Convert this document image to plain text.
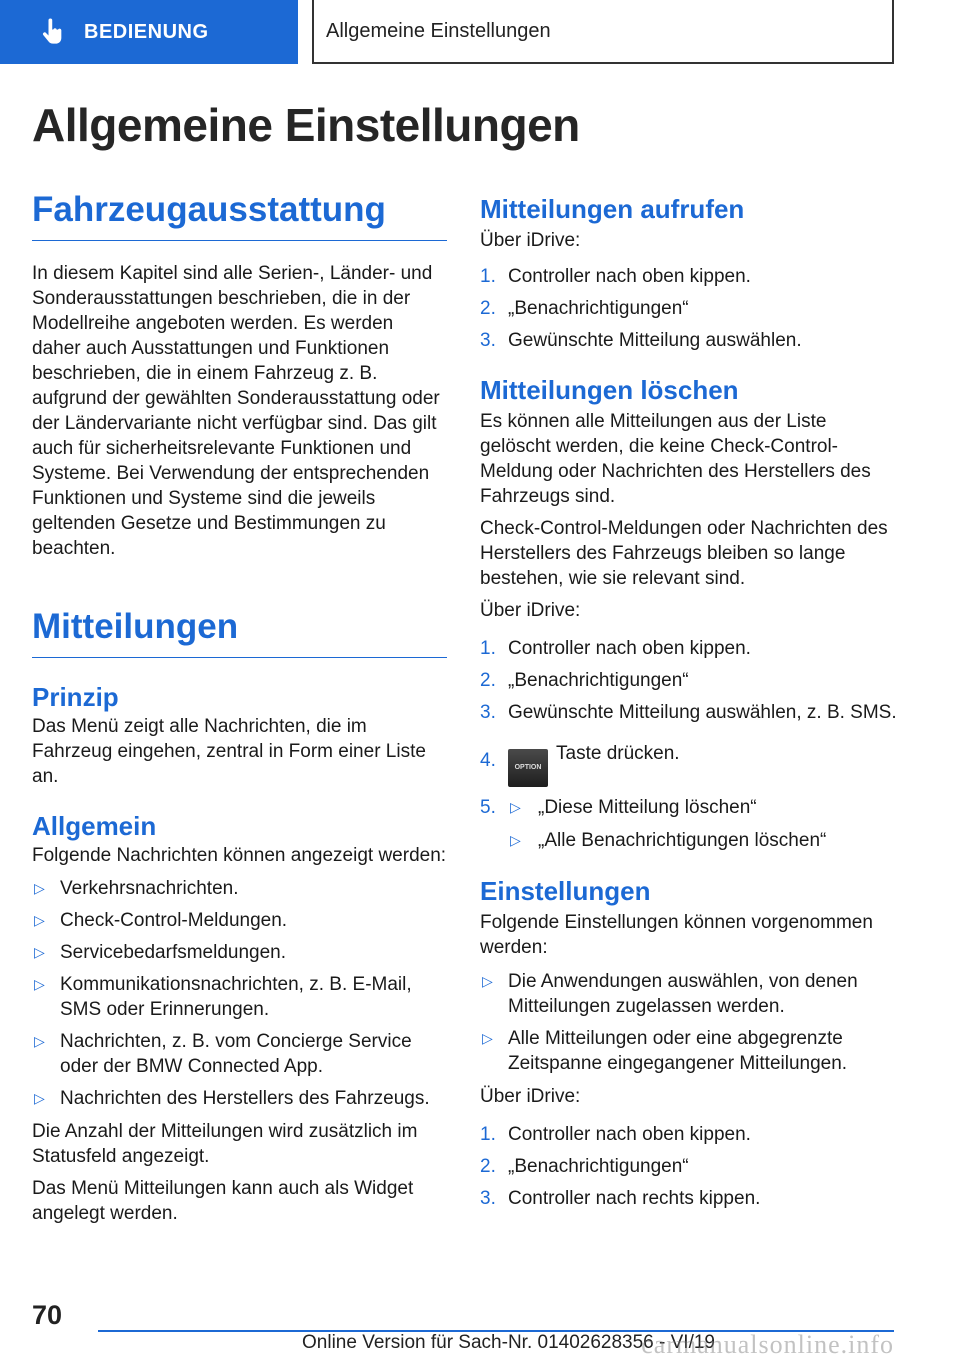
BEDIENUNG	Allgemeine Einstellungen
Allgemeine Einstellungen
Fahrzeugausstattung

In diesem Kapitel sind alle Serien-, Länder- und Sonderausstattungen beschrieben, die in der Modellreihe angeboten werden. Es werden daher auch Ausstattungen und Funktionen beschrieben, die in einem Fahrzeug z. B. aufgrund der gewählten Sonderausstattung oder der Ländervariante nicht verfügbar sind. Das gilt auch für sicherheitsrelevante Funktionen und Systeme. Bei Verwendung der entsprechenden Funktionen und Systeme sind die jeweils geltenden Gesetze und Bestimmungen zu beachten.

Mitteilungen
Prinzip

Das Menü zeigt alle Nachrichten, die im Fahrzeug eingehen, zentral in Form einer Liste an.

Allgemein

Folgende Nachrichten können angezeigt werden:

▷ Verkehrsnachrichten.
▷ Check-Control-Meldungen.
▷ Servicebedarfsmeldungen.
▷ Kommunikationsnachrichten, z. B. E-Mail, SMS oder Erinnerungen.
▷ Nachrichten, z. B. vom Concierge Service oder der BMW Connected App.
▷ Nachrichten des Herstellers des Fahrzeugs.

Die Anzahl der Mitteilungen wird zusätzlich im Statusfeld angezeigt.

Das Menü Mitteilungen kann auch als Widget angelegt werden.

Mitteilungen aufrufen

Über iDrive:

1. Controller nach oben kippen.
2. „Benachrichtigungen“
3. Gewünschte Mitteilung auswählen.
Mitteilungen löschen

Es können alle Mitteilungen aus der Liste gelöscht werden, die keine Check-Control-Meldung oder Nachrichten des Herstellers des Fahrzeugs sind.

Check-Control-Meldungen oder Nachrichten des Herstellers des Fahrzeugs bleiben so lange bestehen, wie sie relevant sind.

Über iDrive:

1. Controller nach oben kippen.
2. „Benachrichtigungen“
3. Gewünschte Mitteilung auswählen, z. B. SMS.
4.	OPTIONTaste drücken.
5. ▷ „Diese Mitteilung löschen“
▷ „Alle Benachrichtigungen löschen“
Einstellungen

Folgende Einstellungen können vorgenommen werden:

▷ Die Anwendungen auswählen, von denen Mitteilungen zugelassen werden.
▷ Alle Mitteilungen oder eine abgegrenzte Zeitspanne eingegangener Mitteilungen.

Über iDrive:

1. Controller nach oben kippen.
2. „Benachrichtigungen“
3. Controller nach rechts kippen.
70
Online Version für Sach-Nr. 01402628356 - VI/19
carmanualsonline.info
